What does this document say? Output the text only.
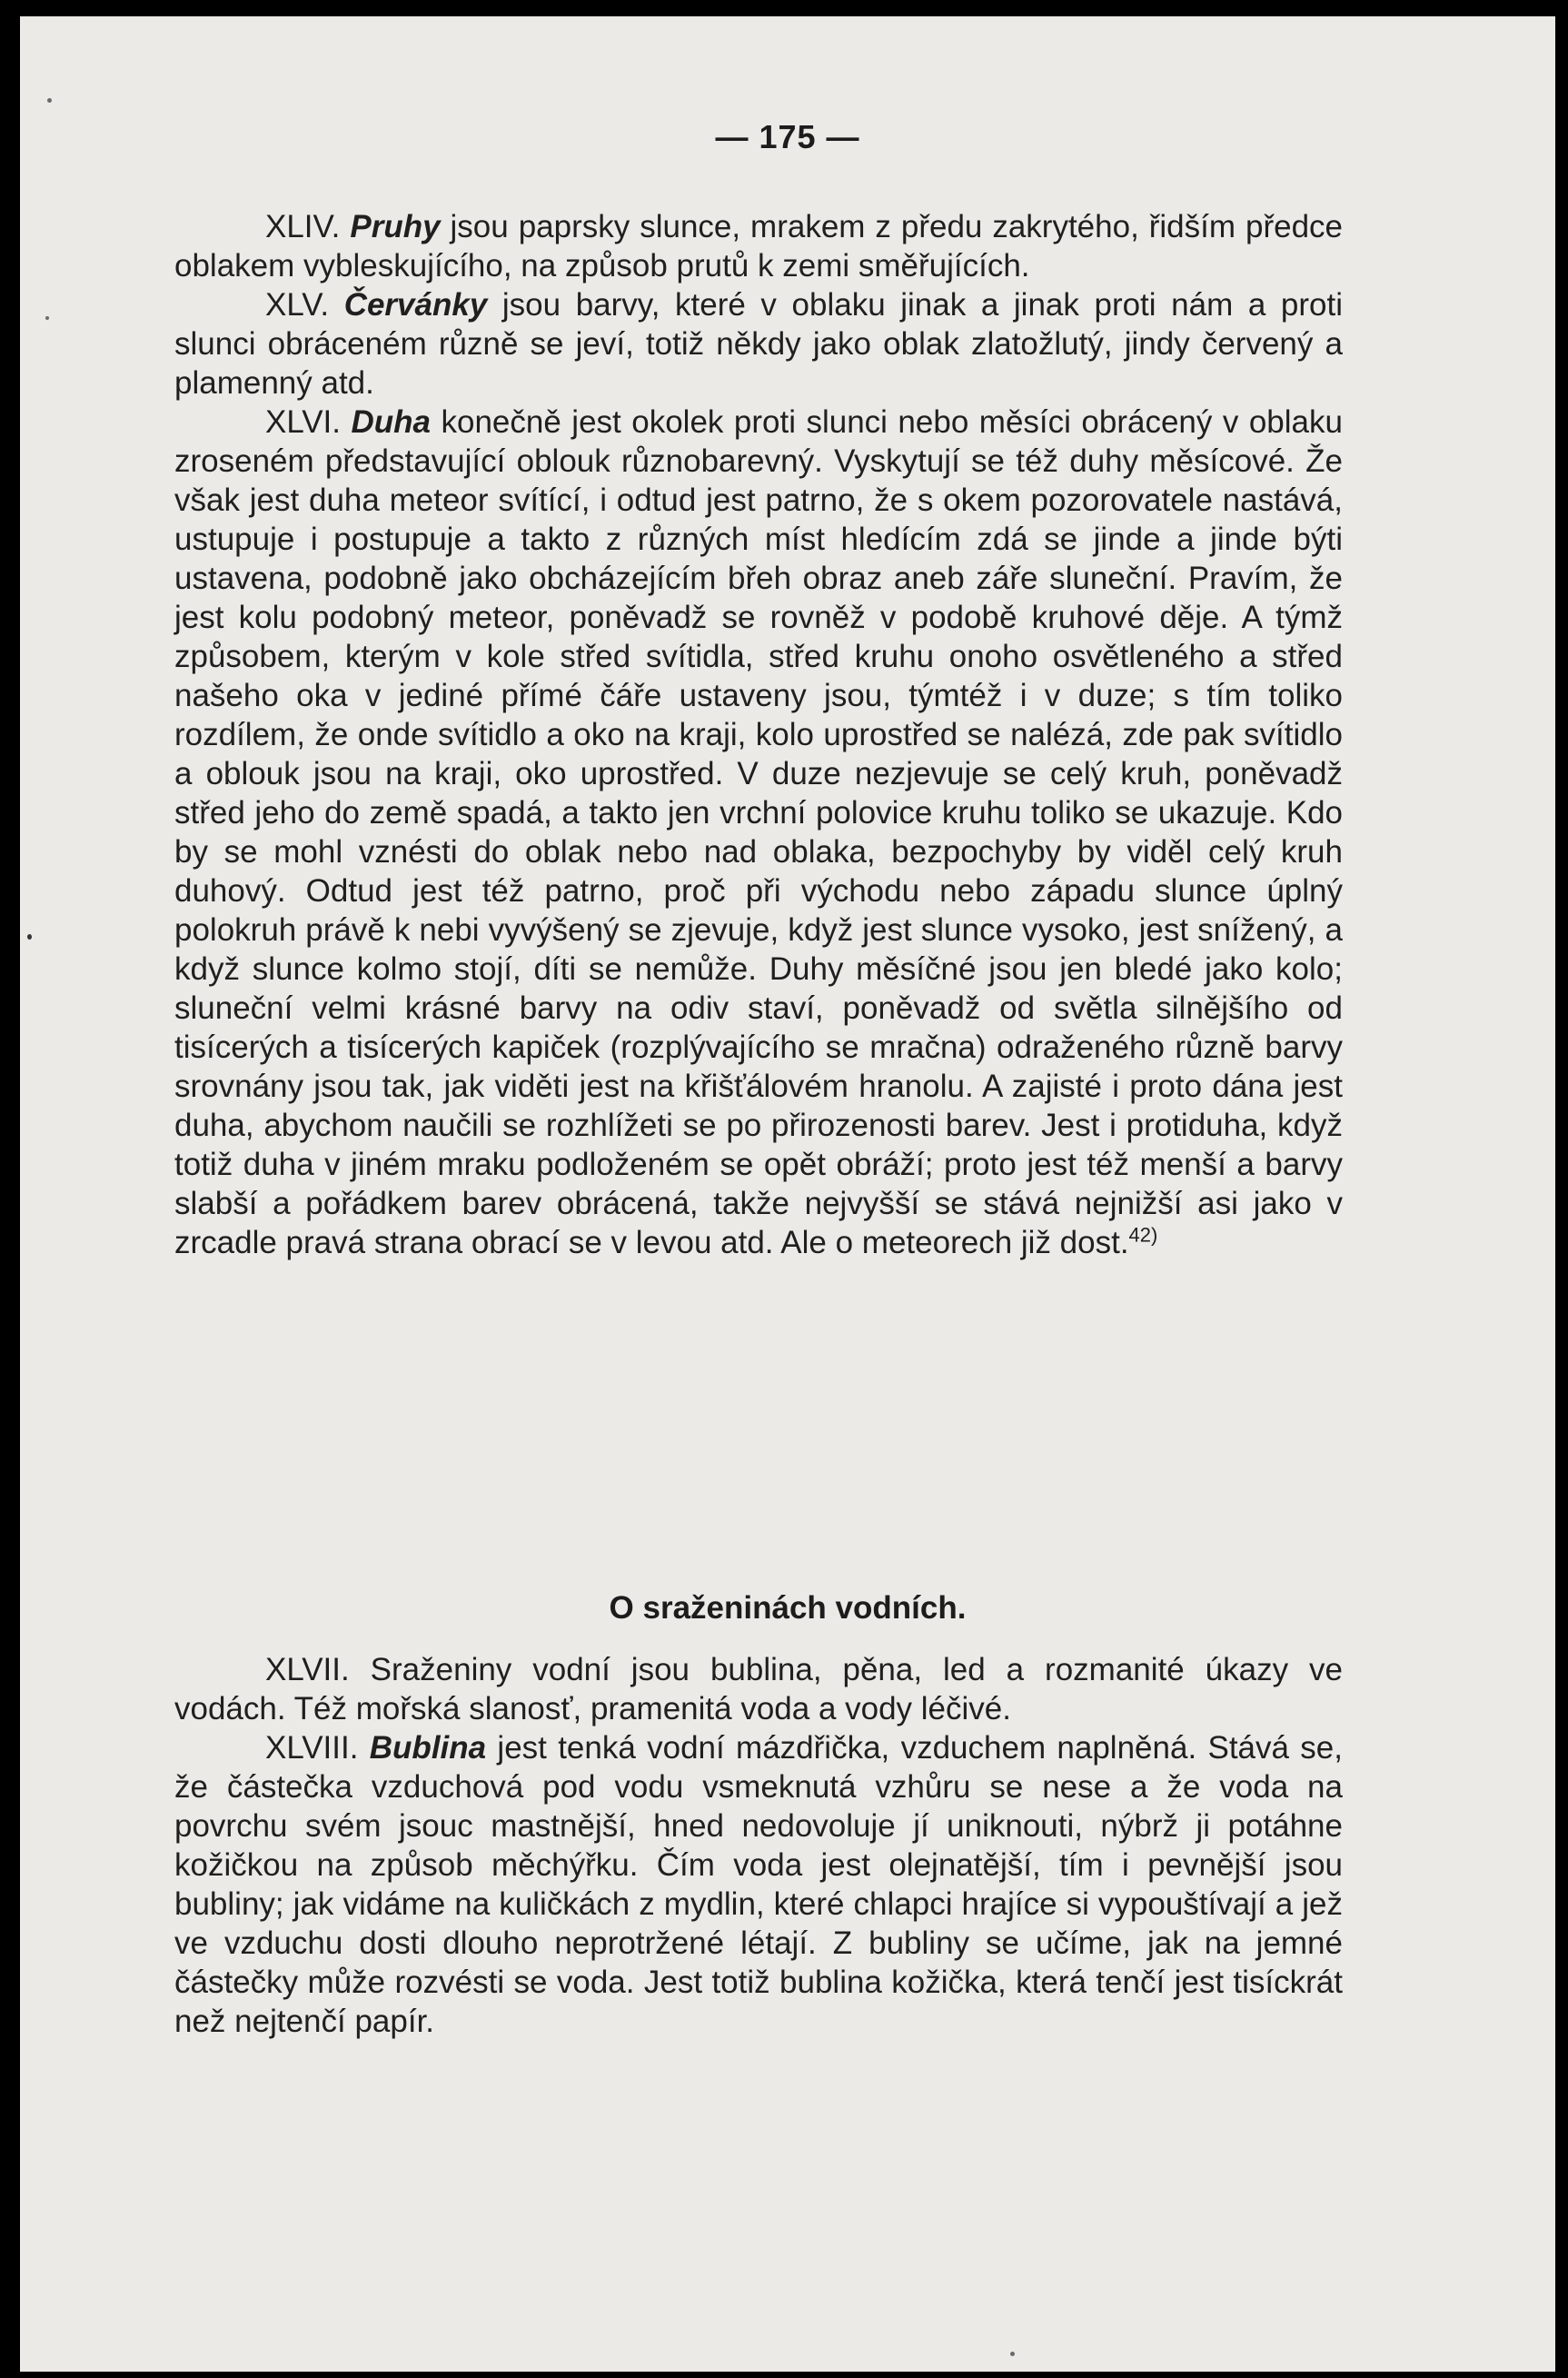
— 175 —

XLIV. Pruhy jsou paprsky slunce, mrakem z předu zakrytého, řidším předce oblakem vybleskujícího, na způsob prutů k zemi směřujících.

XLV. Červánky jsou barvy, které v oblaku jinak a jinak proti nám a proti slunci obráceném různě se jeví, totiž někdy jako oblak zlatožlutý, jindy červený a plamenný atd.

XLVI. Duha konečně jest okolek proti slunci nebo měsíci obrácený v oblaku zroseném představující oblouk různobarevný. Vyskytují se též duhy měsícové. Že však jest duha meteor svítící, i odtud jest patrno, že s okem pozorovatele nastává, ustupuje i postupuje a takto z různých míst hledícím zdá se jinde a jinde býti ustavena, podobně jako obcházejícím břeh obraz aneb záře sluneční. Pravím, že jest kolu podobný meteor, poněvadž se rovněž v podobě kruhové děje. A týmž způsobem, kterým v kole střed svítidla, střed kruhu onoho osvětleného a střed našeho oka v jediné přímé čáře ustaveny jsou, týmtéž i v duze; s tím toliko rozdílem, že onde svítidlo a oko na kraji, kolo uprostřed se nalézá, zde pak svítidlo a oblouk jsou na kraji, oko uprostřed. V duze nezjevuje se celý kruh, poněvadž střed jeho do země spadá, a takto jen vrchní polovice kruhu toliko se ukazuje. Kdo by se mohl vznésti do oblak nebo nad oblaka, bezpochyby by viděl celý kruh duhový. Odtud jest též patrno, proč při východu nebo západu slunce úplný polokruh právě k nebi vyvýšený se zjevuje, když jest slunce vysoko, jest snížený, a když slunce kolmo stojí, díti se nemůže. Duhy měsíčné jsou jen bledé jako kolo; sluneční velmi krásné barvy na odiv staví, poněvadž od světla silnějšího od tisícerých a tisícerých kapiček (rozplývajícího se mračna) odraženého různě barvy srovnány jsou tak, jak viděti jest na křišťálovém hranolu. A zajisté i proto dána jest duha, abychom naučili se rozhlížeti se po přirozenosti barev. Jest i protiduha, když totiž duha v jiném mraku podloženém se opět obráží; proto jest též menší a barvy slabší a pořádkem barev obrácená, takže nejvyšší se stává nejnižší asi jako v zrcadle pravá strana obrací se v levou atd. Ale o meteorech již dost.$^{42)}$

O sraženinách vodních.

XLVII. Sraženiny vodní jsou bublina, pěna, led a rozmanité úkazy ve vodách. Též mořská slanosť, pramenitá voda a vody léčivé.

XLVIII. Bublina jest tenká vodní mázdřička, vzduchem naplněná. Stává se, že částečka vzduchová pod vodu vsmeknutá vzhůru se nese a že voda na povrchu svém jsouc mastnější, hned nedovoluje jí uniknouti, nýbrž ji potáhne kožičkou na způsob měchýřku. Čím voda jest olejnatější, tím i pevnější jsou bubliny; jak vidáme na kuličkách z mydlin, které chlapci hrajíce si vypouštívají a jež ve vzduchu dosti dlouho neprotržené létají. Z bubliny se učíme, jak na jemné částečky může rozvésti se voda. Jest totiž bublina kožička, která tenčí jest tisíckrát než nejtenčí papír.
